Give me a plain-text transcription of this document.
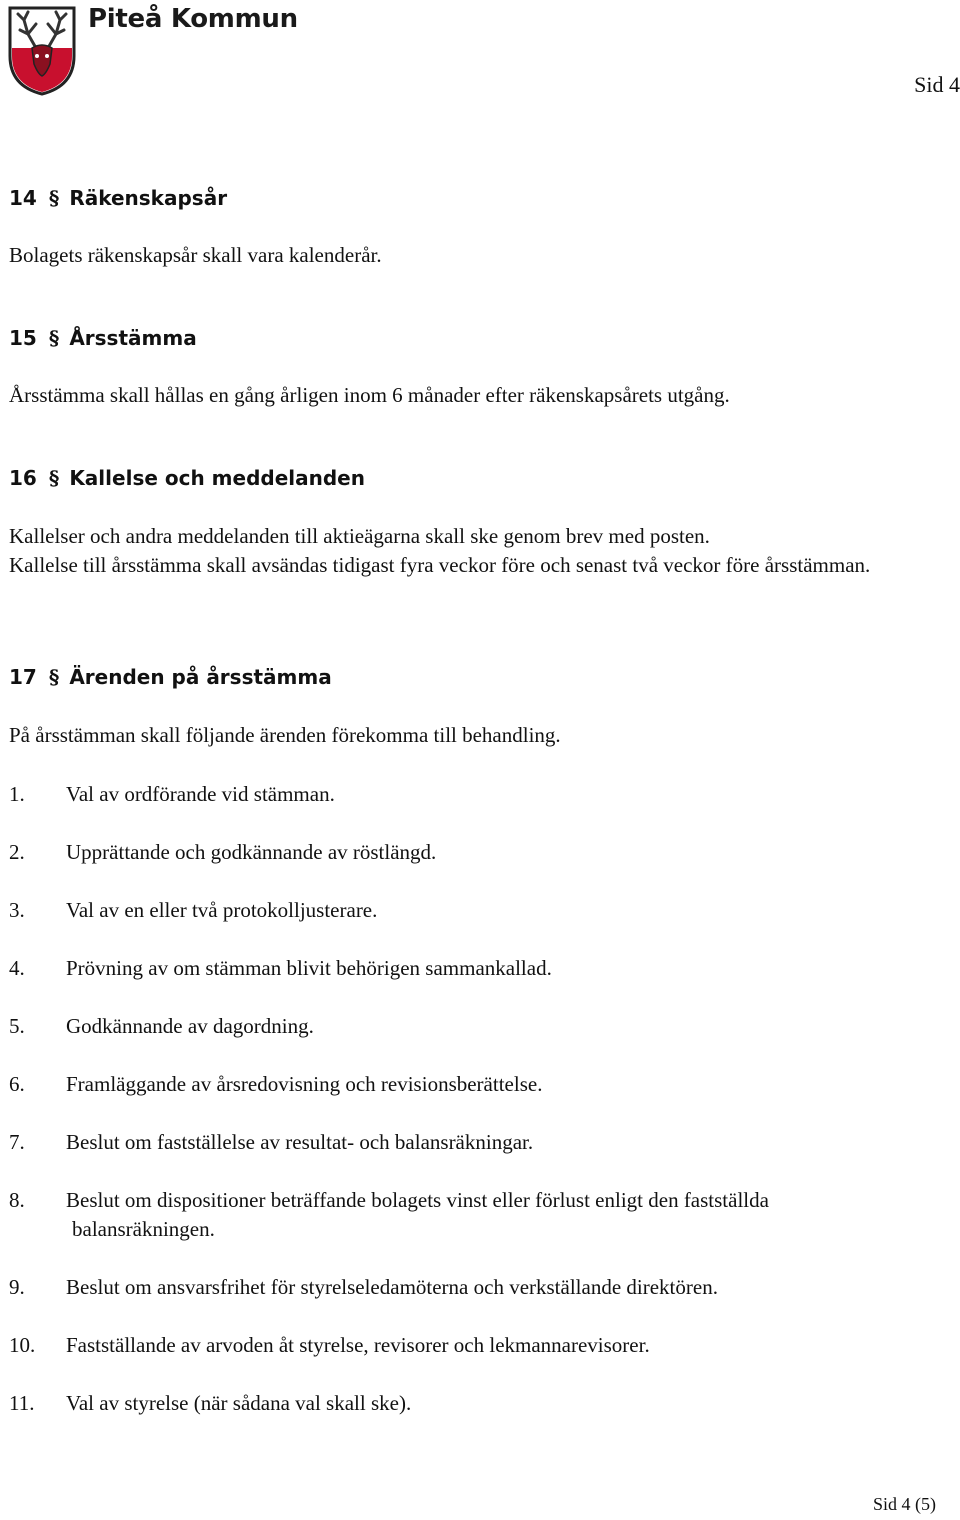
Piteå Kommun
Sid 4
14 § Räkenskapsår
Bolagets räkenskapsår skall vara kalenderår.
15 § Årsstämma
Årsstämma skall hållas en gång årligen inom 6 månader efter räkenskapsårets utgång.
16 § Kallelse och meddelanden
Kallelser och andra meddelanden till aktieägarna skall ske genom brev med posten.
Kallelse till årsstämma skall avsändas tidigast fyra veckor före och senast två veckor före årsstämman.
17 § Ärenden på årsstämma
På årsstämman skall följande ärenden förekomma till behandling.
1.	Val av ordförande vid stämman.
2.	Upprättande och godkännande av röstlängd.
3.	Val av en eller två protokolljusterare.
4.	Prövning av om stämman blivit behörigen sammankallad.
5.	Godkännande av dagordning.
6.	Framläggande av årsredovisning och revisionsberättelse.
7.	Beslut om fastställelse av resultat- och balansräkningar.
8.	Beslut om dispositioner beträffande bolagets vinst eller förlust enligt den fastställda
balansräkningen.
9.	Beslut om ansvarsfrihet för styrelseledamöterna och verkställande direktören.
10.	Fastställande av arvoden åt styrelse, revisorer och lekmannarevisorer.
11.	Val av styrelse (när sådana val skall ske).
Sid 4 (5)
